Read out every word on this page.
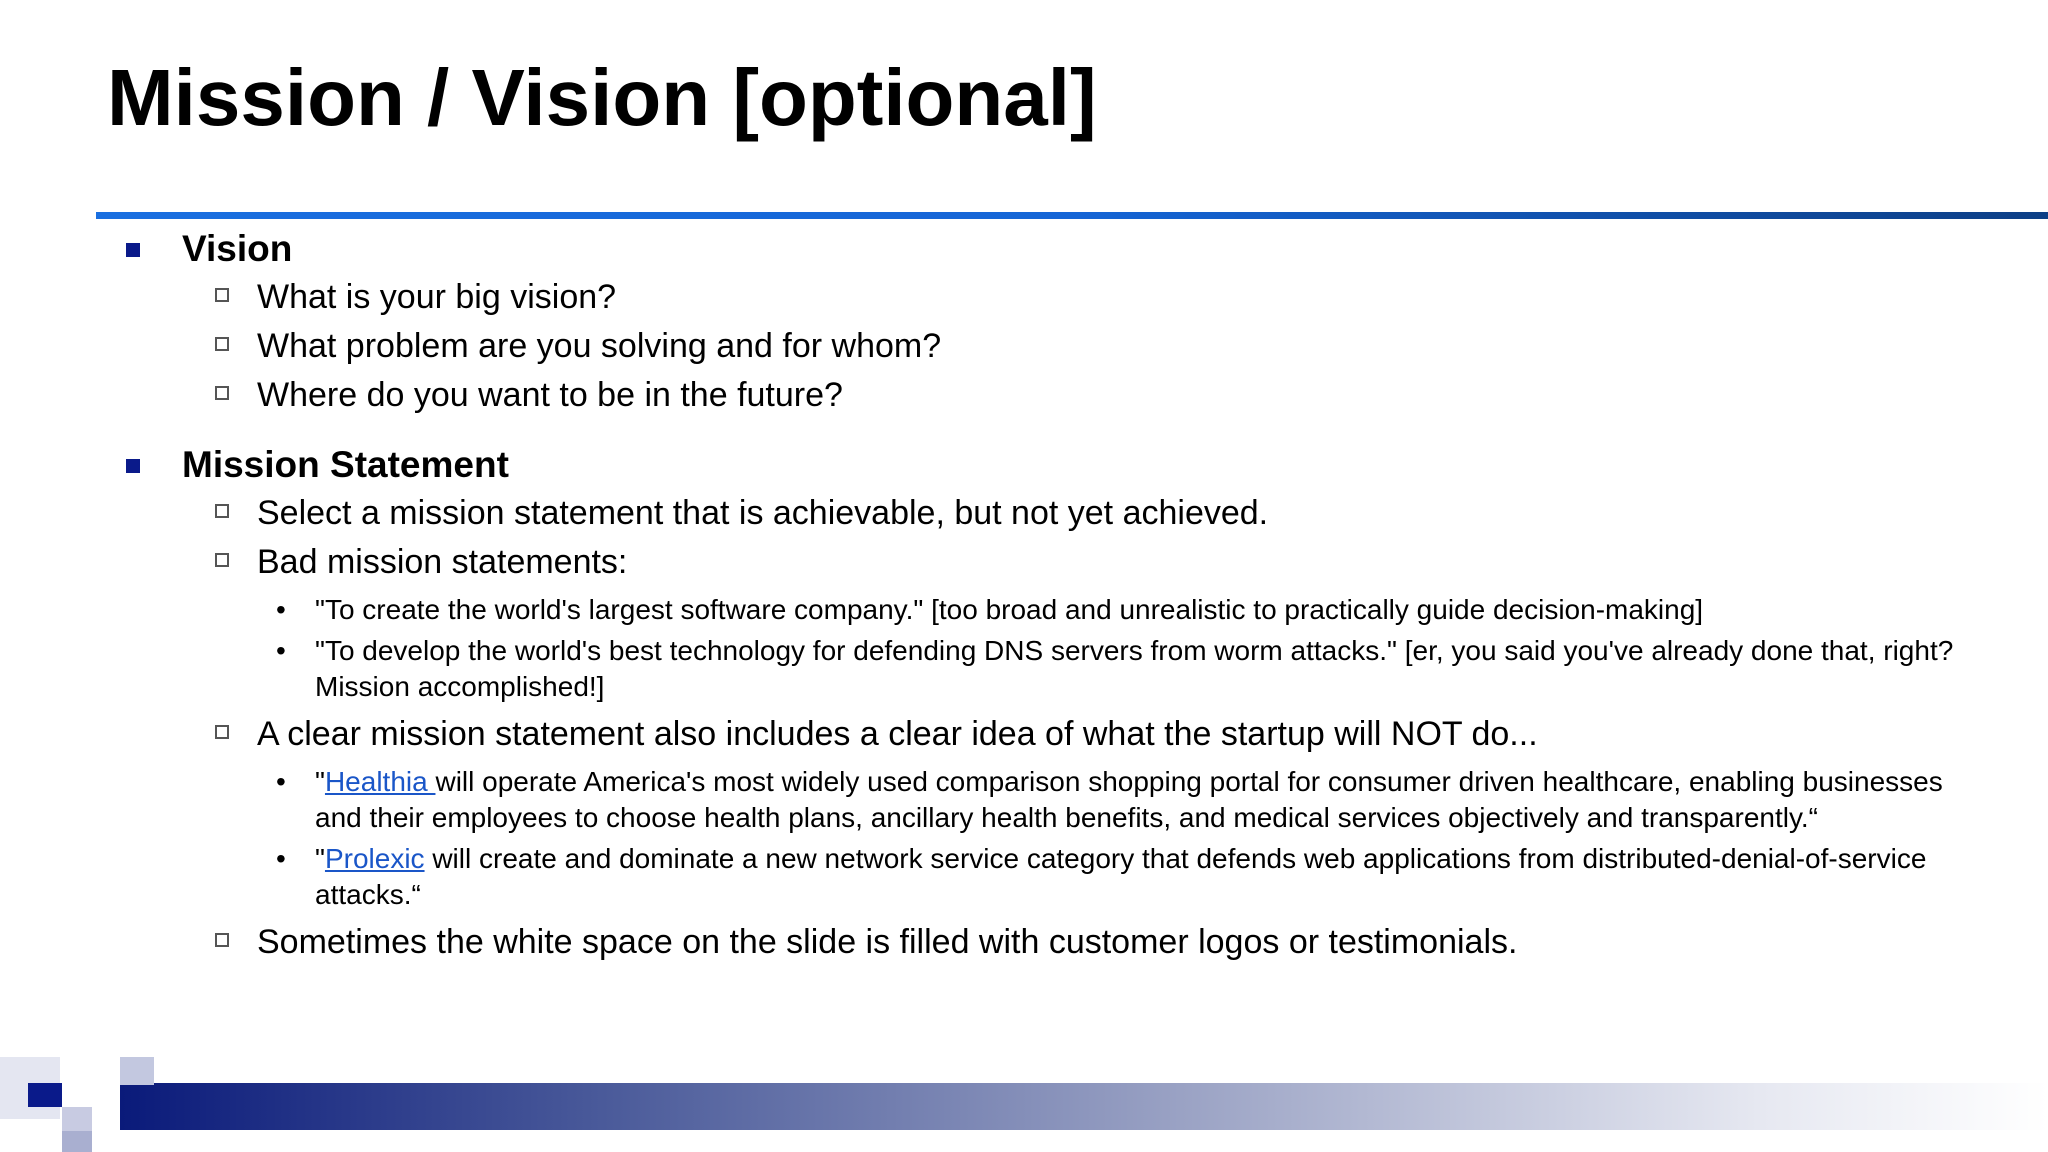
Mission / Vision [optional]
Vision
What is your big vision?
What problem are you solving and for whom?
Where do you want to be in the future?
Mission Statement
Select a mission statement that is achievable, but not yet achieved.
Bad mission statements:
• "To create the world's largest software company." [too broad and unrealistic to practically guide decision-making]
• "To develop the world's best technology for defending DNS servers from worm attacks." [er, you said you've already done that, right? Mission accomplished!]
A clear mission statement also includes a clear idea of what the startup will NOT do...
• "Healthia will operate America's most widely used comparison shopping portal for consumer driven healthcare, enabling businesses and their employees to choose health plans, ancillary health benefits, and medical services objectively and transparently.“
• "Prolexic will create and dominate a new network service category that defends web applications from distributed-denial-of-service attacks.“
Sometimes the white space on the slide is filled with customer logos or testimonials.
